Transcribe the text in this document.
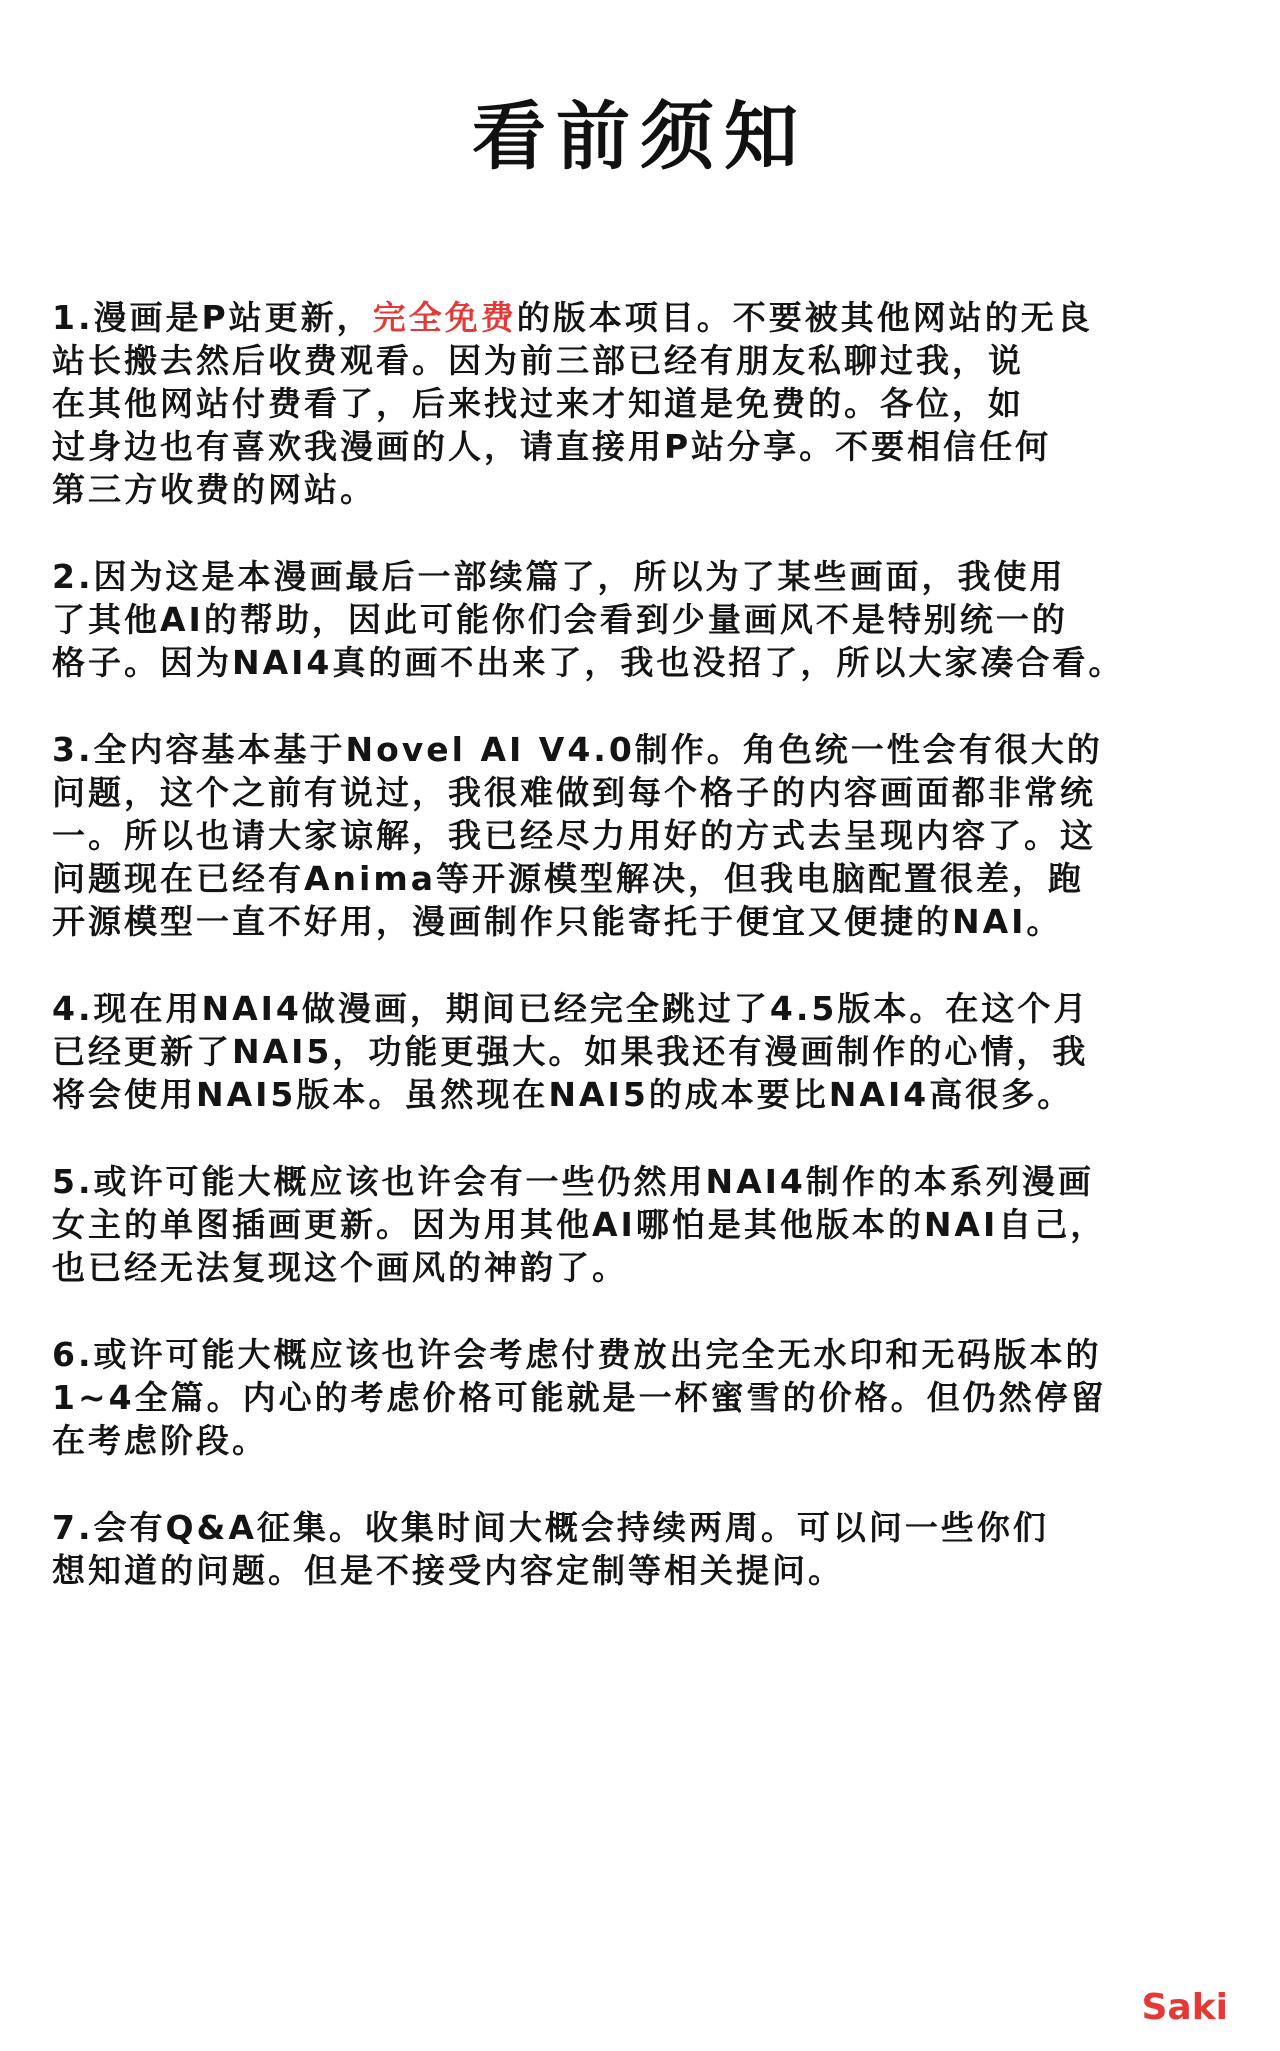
看前须知
1.漫画是P站更新，完全免费的版本项目。不要被其他网站的无良
站长搬去然后收费观看。因为前三部已经有朋友私聊过我，说
在其他网站付费看了，后来找过来才知道是免费的。各位，如
过身边也有喜欢我漫画的人，请直接用P站分享。不要相信任何
第三方收费的网站。
2.因为这是本漫画最后一部续篇了，所以为了某些画面，我使用
了其他AI的帮助，因此可能你们会看到少量画风不是特别统一的
格子。因为NAI4真的画不出来了，我也没招了，所以大家凑合看。
3.全内容基本基于Novel AI V4.0制作。角色统一性会有很大的
问题，这个之前有说过，我很难做到每个格子的内容画面都非常统
一。所以也请大家谅解，我已经尽力用好的方式去呈现内容了。这
问题现在已经有Anima等开源模型解决，但我电脑配置很差，跑
开源模型一直不好用，漫画制作只能寄托于便宜又便捷的NAI。
4.现在用NAI4做漫画，期间已经完全跳过了4.5版本。在这个月
已经更新了NAI5，功能更强大。如果我还有漫画制作的心情，我
将会使用NAI5版本。虽然现在NAI5的成本要比NAI4高很多。
5.或许可能大概应该也许会有一些仍然用NAI4制作的本系列漫画
女主的单图插画更新。因为用其他AI哪怕是其他版本的NAI自己，
也已经无法复现这个画风的神韵了。
6.或许可能大概应该也许会考虑付费放出完全无水印和无码版本的
1~4全篇。内心的考虑价格可能就是一杯蜜雪的价格。但仍然停留
在考虑阶段。
7.会有Q&A征集。收集时间大概会持续两周。可以问一些你们
想知道的问题。但是不接受内容定制等相关提问。
Saki
